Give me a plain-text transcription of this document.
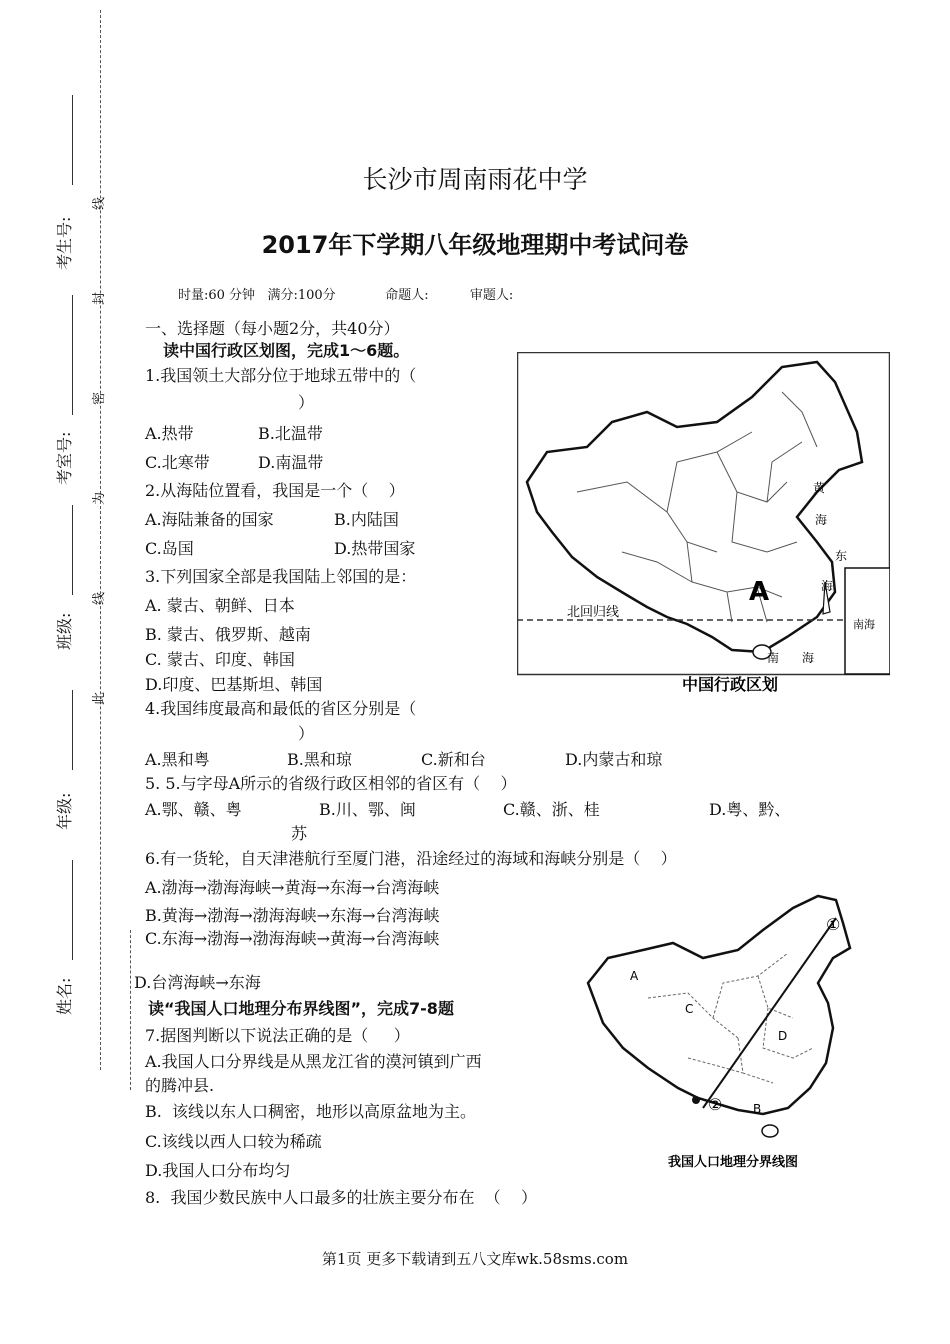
考生号:
考室号:
班级:
年级:
姓名:
线
封
密
为
线
此
长沙市周南雨花中学
2017年下学期八年级地理期中考试问卷
时量:60 分钟   满分:100分            命题人:          审题人:
一、选择题（每小题2分，共40分）
读中国行政区划图，完成1～6题。
1.我国领土大部分位于地球五带中的（
）
A.热带	B.北温带
C.北寒带	D.南温带
2.从海陆位置看，我国是一个（    ）
A.海陆兼备的国家	B.内陆国
C.岛国	D.热带国家
3.下列国家全部是我国陆上邻国的是：
A. 蒙古、朝鲜、日本
B. 蒙古、俄罗斯、越南
C. 蒙古、印度、韩国
D.印度、巴基斯坦、韩国
4.我国纬度最高和最低的省区分别是（
）
A.黑和粤	B.黑和琼	C.新和台	D.内蒙古和琼
5. 5.与字母A所示的省级行政区相邻的省区有（    ）
A.鄂、赣、粤	B.川、鄂、闽	C.赣、浙、桂	D.粤、黔、
苏
6.有一货轮，自天津港航行至厦门港，沿途经过的海域和海峡分别是（    ）
A.渤海→渤海海峡→黄海→东海→台湾海峡
B.黄海→渤海→渤海海峡→东海→台湾海峡
C.东海→渤海→渤海海峡→黄海→台湾海峡
D.台湾海峡→东海
读“我国人口地理分布界线图”，完成7-8题
7.据图判断以下说法正确的是（     ）
A.我国人口分界线是从黑龙江省的漠河镇到广西
的腾冲县.
B.  该线以东人口稠密，地形以高原盆地为主。
C.该线以西人口较为稀疏
D.我国人口分布均匀
8.  我国少数民族中人口最多的壮族主要分布在  （    ）
北回归线
A
黄
海
东
海
南 海
南海
中国行政区划
①
②
A
B
C
D
我国人口地理分界线图
第1页 更多下载请到五八文库wk.58sms.com
